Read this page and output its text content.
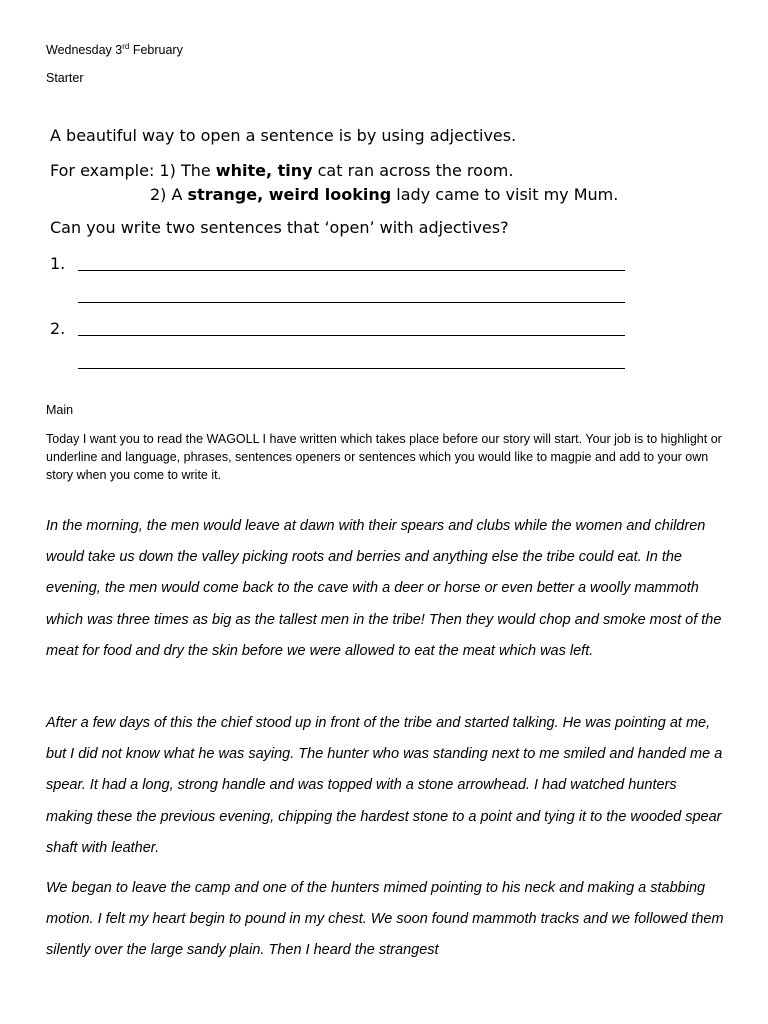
Wednesday 3rd February
Starter
A beautiful way to open a sentence is by using adjectives.
For example: 1) The white, tiny cat ran across the room.
2) A strange, weird looking lady came to visit my Mum.
Can you write two sentences that ‘open’ with adjectives?
1.
2.
Main
Today I want you to read the WAGOLL I have written which takes place before our story will start. Your job is to highlight or underline and language, phrases, sentences openers or sentences which you would like to magpie and add to your own story when you come to write it.
In the morning, the men would leave at dawn with their spears and clubs while the women and children would take us down the valley picking roots and berries and anything else the tribe could eat. In the evening, the men would come back to the cave with a deer or horse or even better a woolly mammoth which was three times as big as the tallest men in the tribe! Then they would chop and smoke most of the meat for food and dry the skin before we were allowed to eat the meat which was left.
After a few days of this the chief stood up in front of the tribe and started talking. He was pointing at me, but I did not know what he was saying. The hunter who was standing next to me smiled and handed me a spear. It had a long, strong handle and was topped with a stone arrowhead. I had watched hunters making these the previous evening, chipping the hardest stone to a point and tying it to the wooded spear shaft with leather.
We began to leave the camp and one of the hunters mimed pointing to his neck and making a stabbing motion. I felt my heart begin to pound in my chest. We soon found mammoth tracks and we followed them silently over the large sandy plain. Then I heard the strangest
